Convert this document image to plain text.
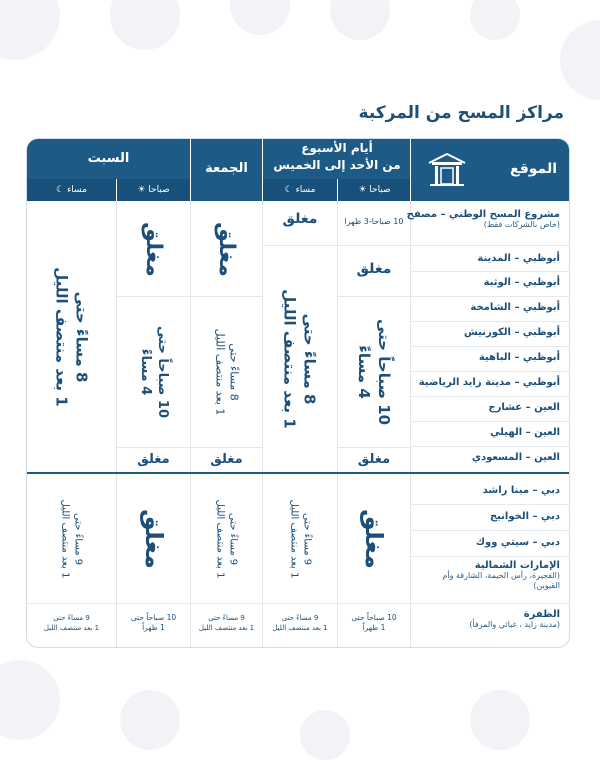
مراكز المسح من المركبة
الموقع
أيام الأسبوع
من الأحد إلى الخميس
صباحا ☀
مساء ☾
الجمعة
السبت
صباحا ☀
مساء ☾
مشروع المسح الوطني – مصفح
(خاص بالشركات فقط)
أبوظبي – المدينة
أبوظبي – الوثبة
أبوظبي – الشامخة
أبوظبي – الكورنيش
أبوظبي – الباهية
أبوظبي – مدينة زايد الرياضية
العين – عشارج
العين – الهيلي
العين – المسعودي
دبي – مينا راشد
دبي – الخوانيج
دبي – سيتي ووك
الإمارات الشمالية
(الفجيرة، رأس الخيمة، الشارقة وأم القيوين)
الظفرة
(مدينة زايد ، غياثي والمرفأ)
10 صباحا-3 ظهرا
مغلق
مغلق
10 صباحاً حتى
4 مساءً
مغلق
8 مساءً حتى
1 بعد منتصف الليل
مغلق
8 مساءً حتى
1 بعد منتصف الليل
مغلق
مغلق
10 صباحاً حتى
4 مساءً
مغلق
8 مساءً حتى
1 بعد منتصف الليل
مغلق
9 مساءً حتى
1 بعد منتصف الليل
9 مساءً حتى
1 بعد منتصف الليل
مغلق
9 مساءً حتى
1 بعد منتصف الليل
10 صباحاً حتى
1 ظهراً
9 مساءً حتى
1 بعد منتصف الليل
9 مساءً حتى
1 بعد منتصف الليل
10 صباحاً حتى
1 ظهراً
9 مساءً حتى
1 بعد منتصف الليل
